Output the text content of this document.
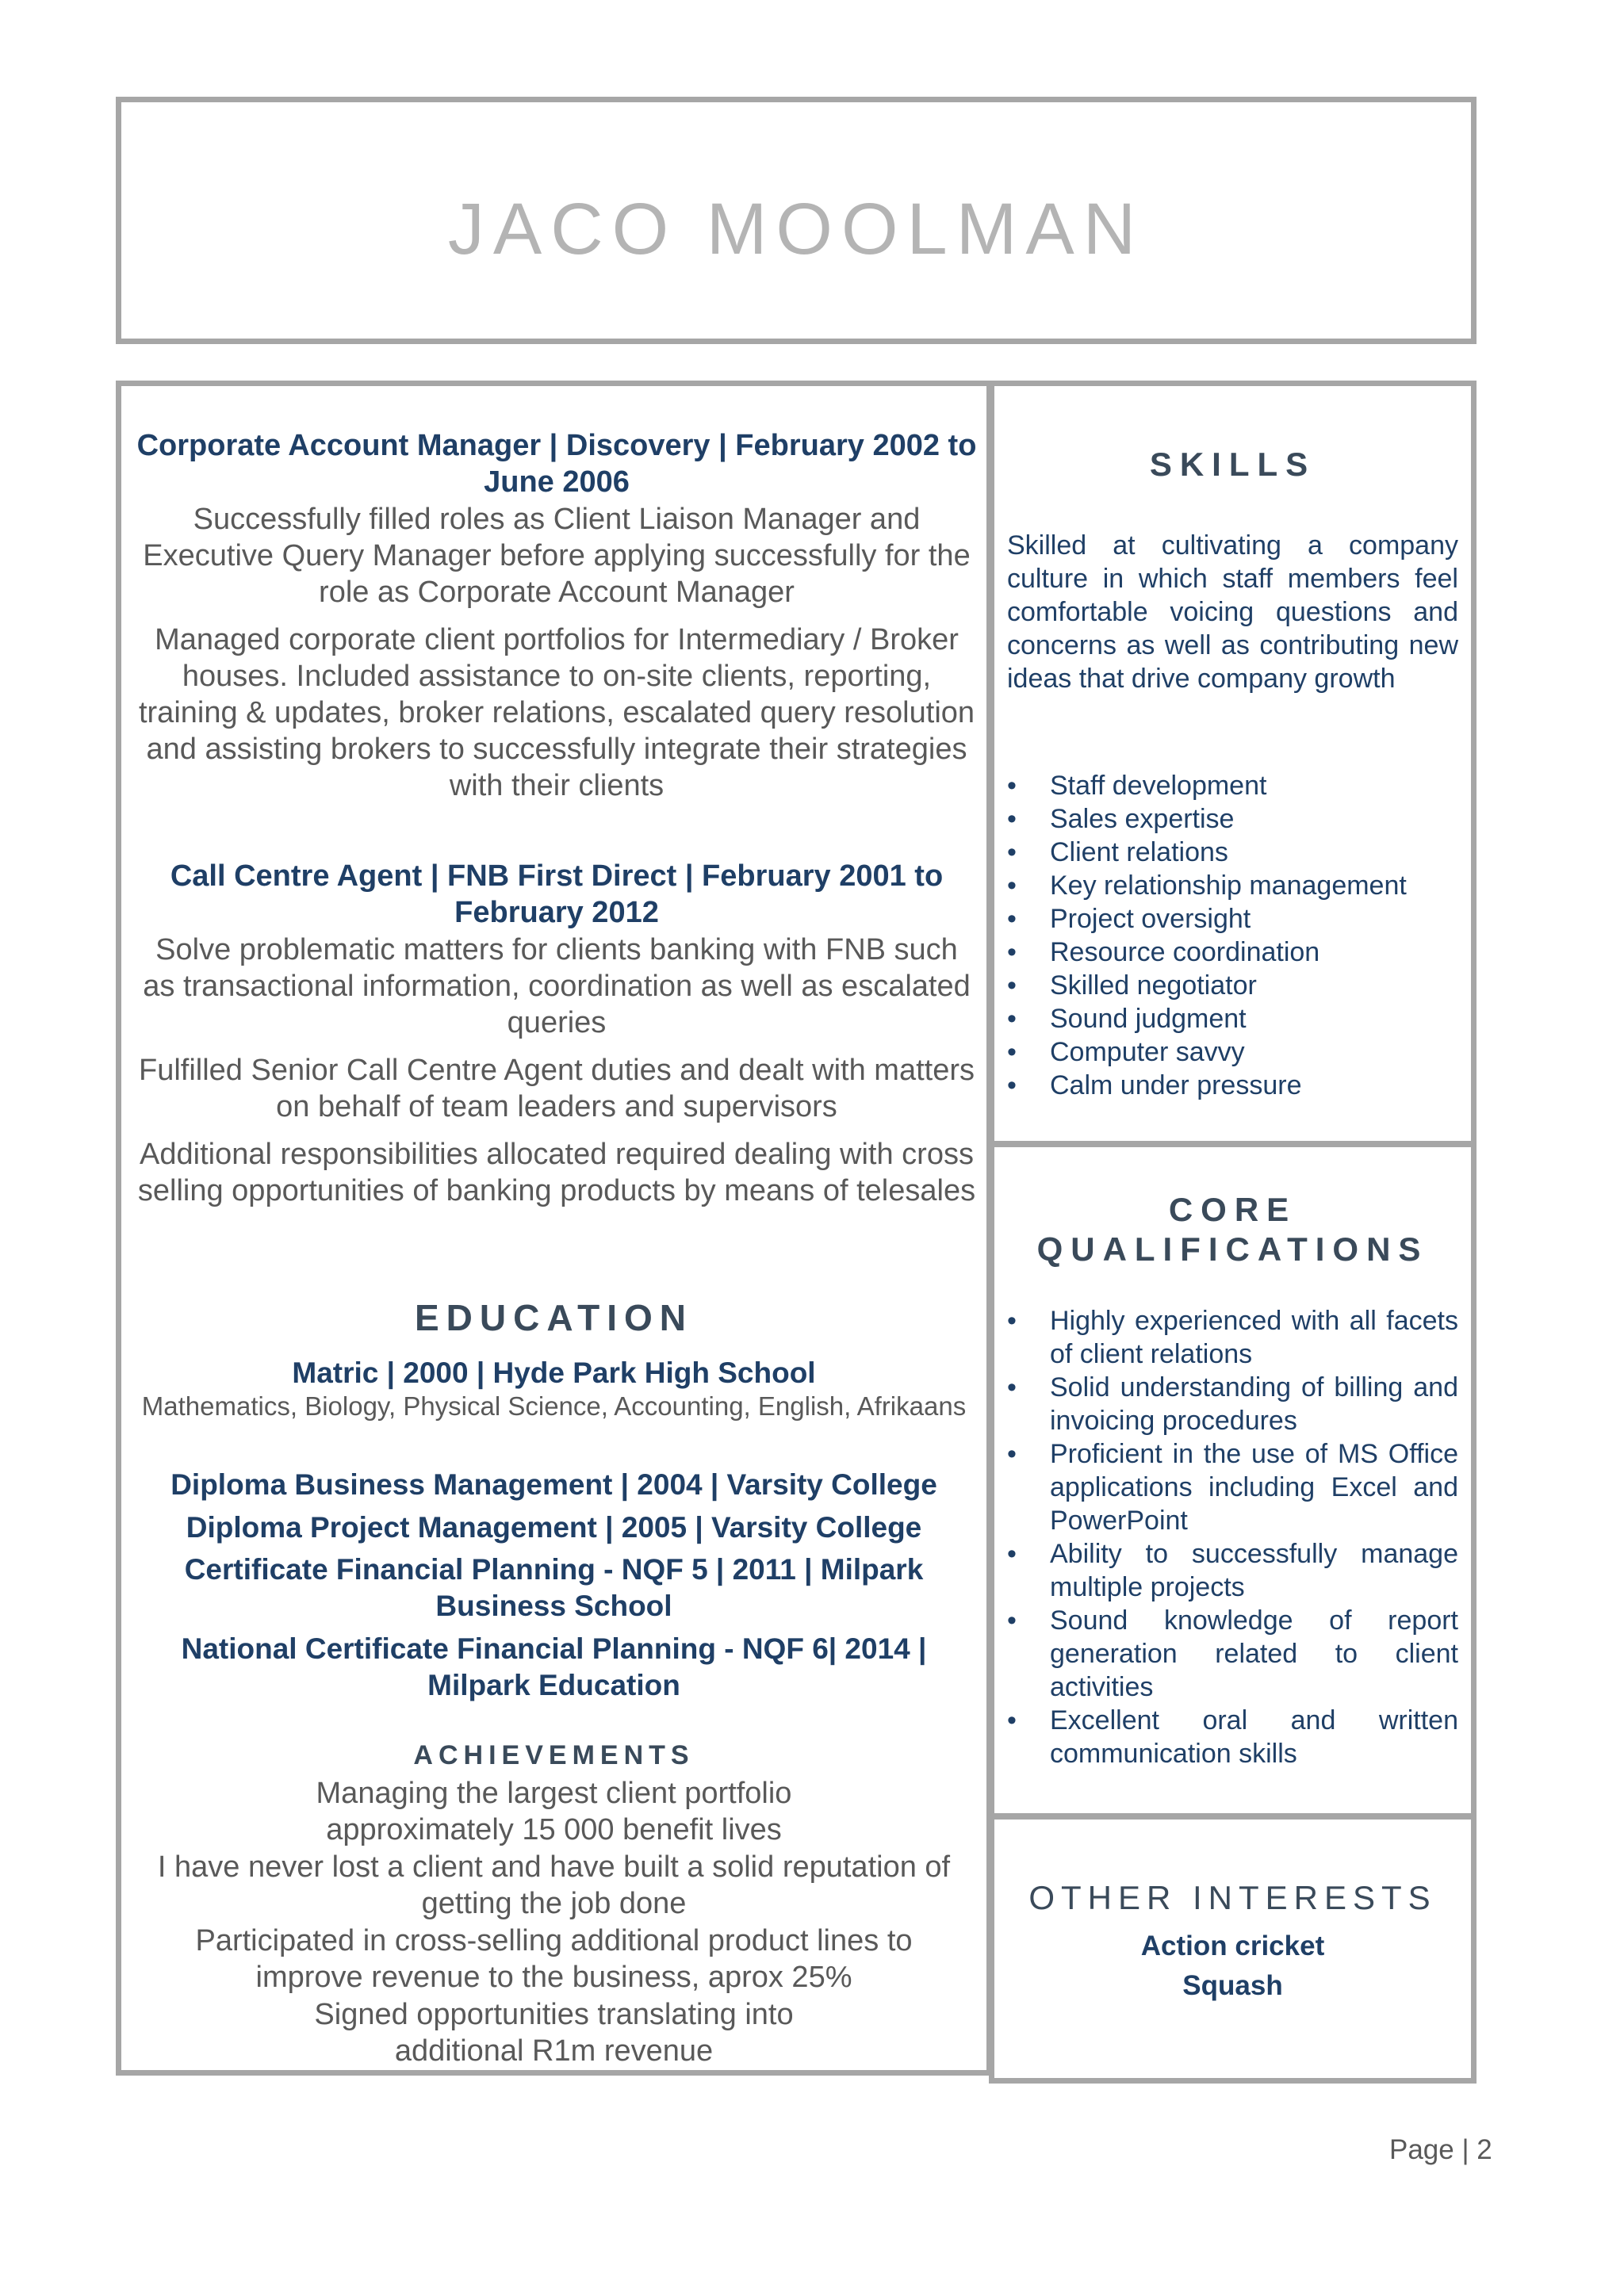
JACO MOOLMAN
Corporate Account Manager | Discovery | February 2002 to June 2006
Successfully filled roles as Client Liaison Manager and Executive Query Manager before applying successfully for the role as Corporate Account Manager
Managed corporate client portfolios for Intermediary / Broker houses. Included assistance to on-site clients, reporting, training & updates, broker relations, escalated query resolution and assisting brokers to successfully integrate their strategies with their clients
Call Centre Agent | FNB First Direct | February 2001 to February 2012
Solve problematic matters for clients banking with FNB such as transactional information, coordination as well as escalated queries
Fulfilled Senior Call Centre Agent duties and dealt with matters on behalf of team leaders and supervisors
Additional responsibilities allocated required dealing with cross selling opportunities of banking products by means of telesales
EDUCATION
Matric | 2000 | Hyde Park High School
Mathematics, Biology, Physical Science, Accounting, English, Afrikaans
Diploma Business Management | 2004 | Varsity College
Diploma Project Management | 2005 | Varsity College
Certificate Financial Planning - NQF 5 | 2011 | Milpark Business School
National Certificate Financial Planning - NQF 6| 2014 | Milpark Education
ACHIEVEMENTS
Managing the largest client portfolio approximately 15 000 benefit lives
I have never lost a client and have built a solid reputation of getting the job done
Participated in cross-selling additional product lines to improve revenue to the business, aprox 25%
Signed opportunities translating into additional R1m revenue
SKILLS
Skilled at cultivating a company culture in which staff members feel comfortable voicing questions and concerns as well as contributing new ideas that drive company growth
• Staff development
• Sales expertise
• Client relations
• Key relationship management
• Project oversight
• Resource coordination
• Skilled negotiator
• Sound judgment
• Computer savvy
• Calm under pressure
CORE
QUALIFICATIONS
• Highly experienced with all facets of client relations
• Solid understanding of billing and invoicing procedures
• Proficient in the use of MS Office applications including Excel and PowerPoint
• Ability to successfully manage multiple projects
• Sound knowledge of report generation related to client activities
• Excellent oral and written communication skills
OTHER INTERESTS
Action cricket
Squash
Page | 2
